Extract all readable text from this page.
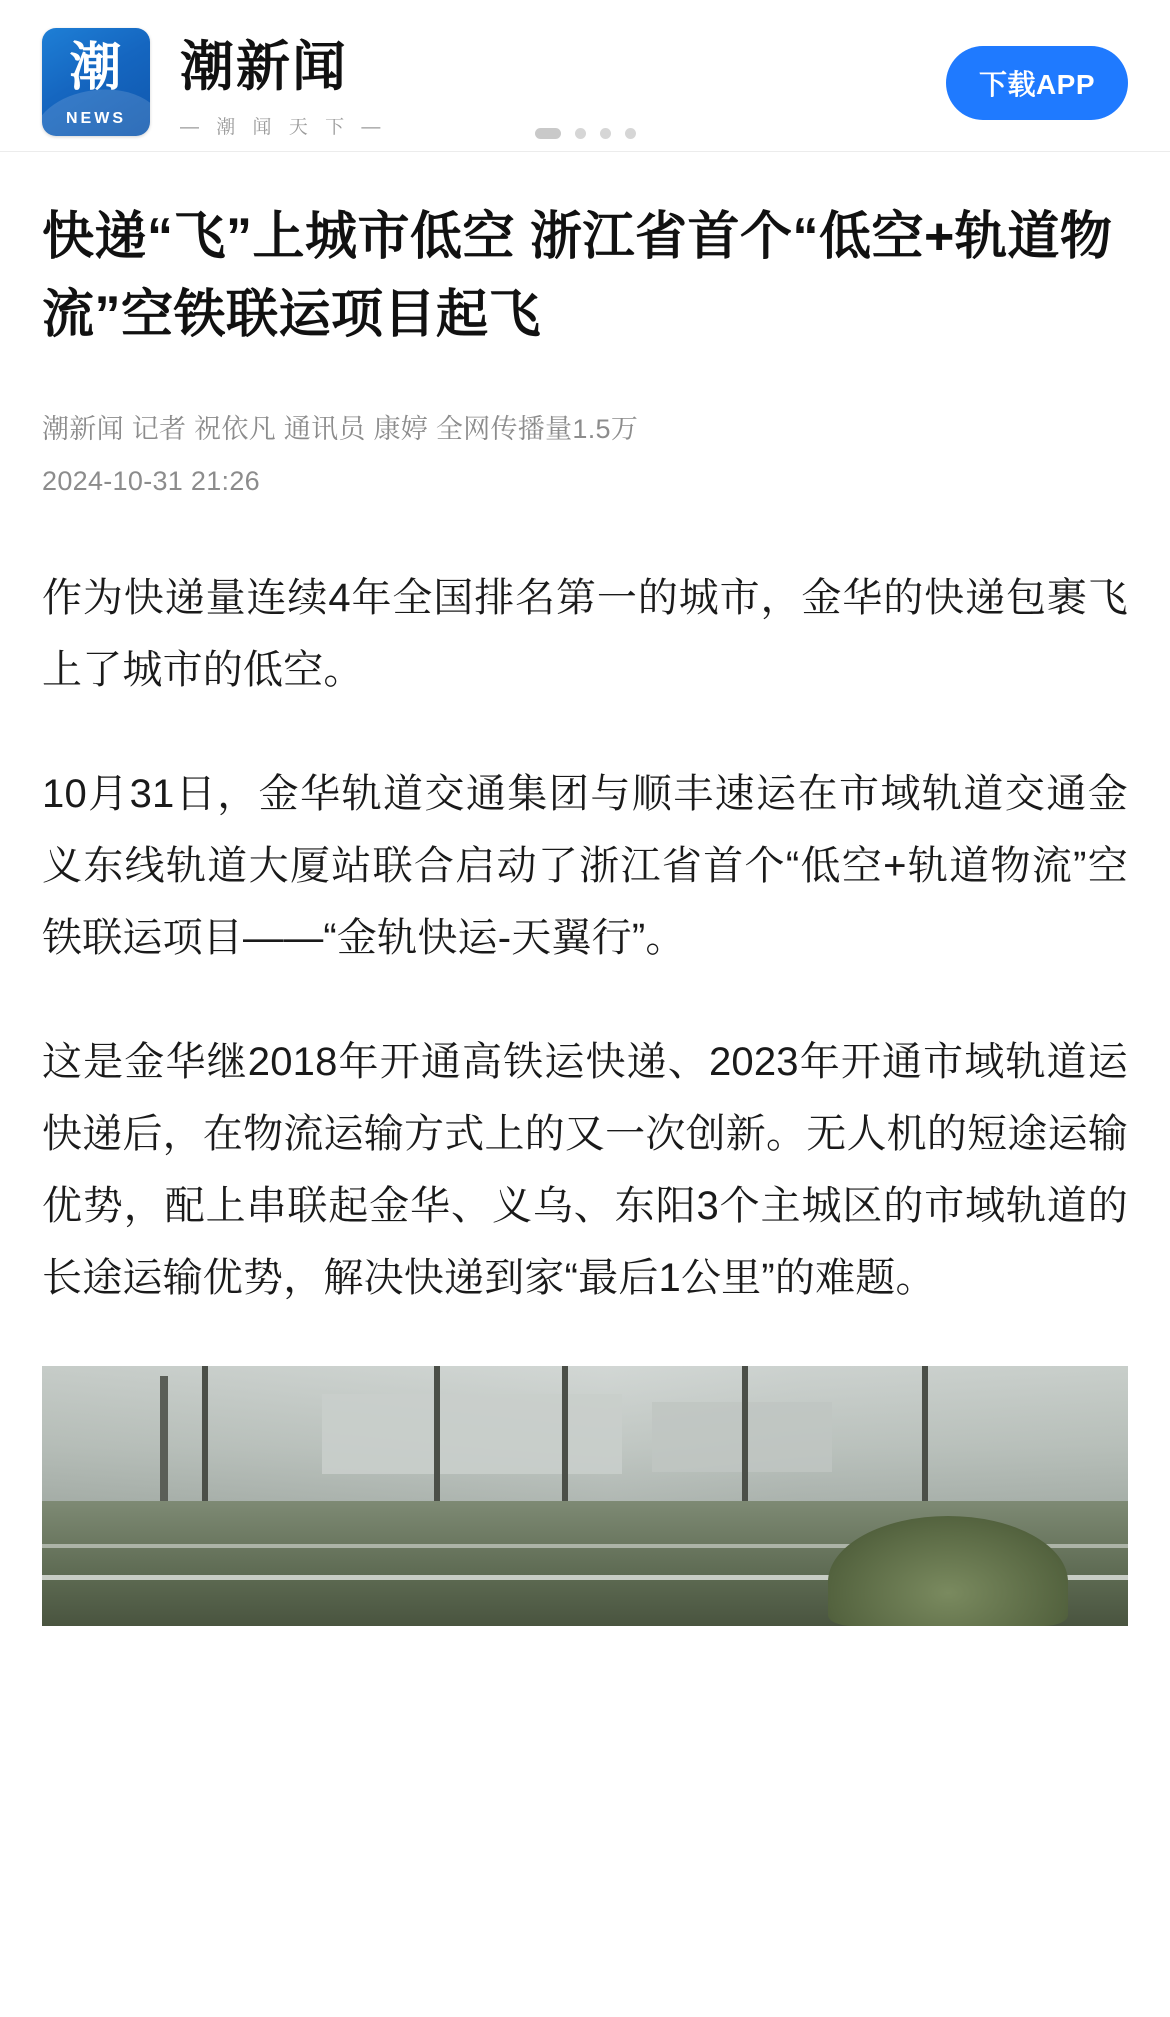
潮
NEWS
潮新闻
— 潮 闻 天 下 —
下载APP
快递“飞”上城市低空 浙江省首个“低空+轨道物流”空铁联运项目起飞
潮新闻 记者 祝依凡 通讯员 康婷 全网传播量1.5万
2024-10-31 21:26

作为快递量连续4年全国排名第一的城市，金华的快递包裹飞上了城市的低空。

10月31日，金华轨道交通集团与顺丰速运在市域轨道交通金义东线轨道大厦站联合启动了浙江省首个“低空+轨道物流”空铁联运项目——“金轨快运-天翼行”。

这是金华继2018年开通高铁运快递、2023年开通市域轨道运快递后，在物流运输方式上的又一次创新。无人机的短途运输优势，配上串联起金华、义乌、东阳3个主城区的市域轨道的长途运输优势，解决快递到家“最后1公里”的难题。
